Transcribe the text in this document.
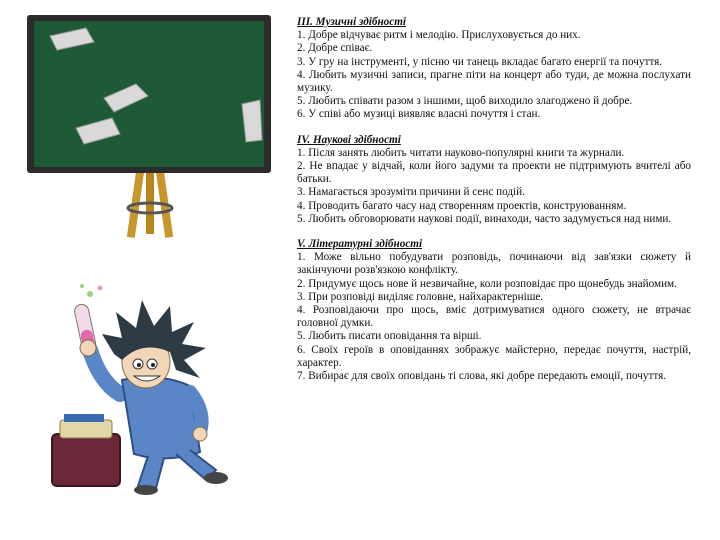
III. Музичні здібності

1. Добре відчуває ритм і мелодію. Прислуховується до них.
2. Добре співає.
3. У гру на інструменті, у пісню чи танець вкладає багато енергії та почуття.
4. Любить музичні записи, прагне піти на концерт або туди, де можна послухати музику.
5. Любить співати разом з іншими, щоб виходило злагоджено й добре.
6. У співі або музиці виявляє власні почуття і стан.

IV. Наукові здібності

1. Після занять любить читати науково-популярні книги та журнали.
2. Не впадає у відчай, коли його задуми та проекти не підтримують вчителі або батьки.
3. Намагається зрозуміти причини й сенс подій.
4. Проводить багато часу над створенням проектів, конструюванням.
5. Любить обговорювати наукові події, винаходи, часто задумується над ними.

V. Літературні здібності

1. Може вільно побудувати розповідь, починаючи від зав'язки сюжету й закінчуючи розв'язкою конфлікту.
2. Придумує щось нове й незвичайне, коли розповідає про щонебудь знайомим.
3. При розповіді виділяє головне, найхарактерніше.
4. Розповідаючи про щось, вміє дотримуватися одного сюжету, не втрачає головної думки.
5. Любить писати оповідання та вірші.
6. Своїх героїв в оповіданнях зображує майстерно, передає почуття, настрій, характер.
7. Вибирає для своїх оповідань ті слова, які добре передають емоції, почуття.
